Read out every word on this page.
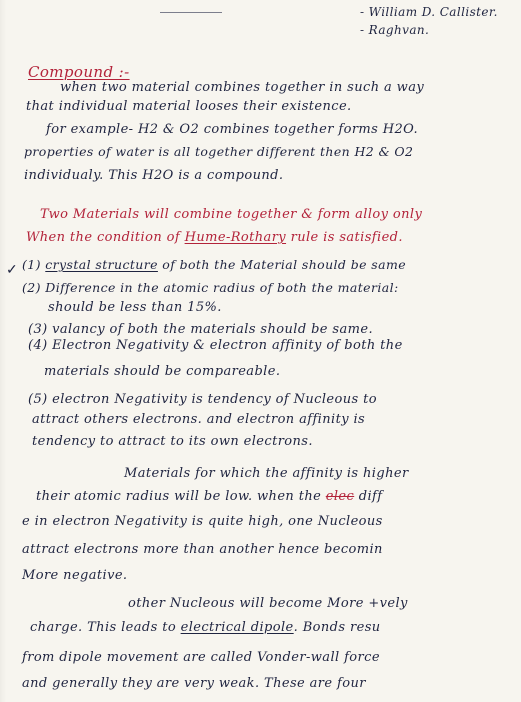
- William D. Callister.
- Raghvan.
Compound :-
when two material combines together in such a way
that individual material looses their existence.
for example- H2 & O2 combines together forms H2O.
properties of water is all together different then H2 & O2
individualy. This H2O is a compound.
Two Materials will combine together & form alloy only
When the condition of Hume-Rothary rule is satisfied.
✓ (1) crystal structure of both the Material should be same
(2) Difference in the atomic radius of both the material:
should be less than 15%.
(3) valancy of both the materials should be same.
(4) Electron Negativity & electron affinity of both the
materials should be compareable.
(5) electron Negativity is tendency of Nucleous to
attract others electrons. and electron affinity is
tendency to attract to its own electrons.
Materials for which the affinity is higher
their atomic radius will be low. when the elec diff
e in electron Negativity is quite high, one Nucleous
attract electrons more than another hence becomin
More negative.
other Nucleous will become More +vely
charge. This leads to electrical dipole. Bonds resu
from dipole movement are called Vonder-wall force
and generally they are very weak. These are four
